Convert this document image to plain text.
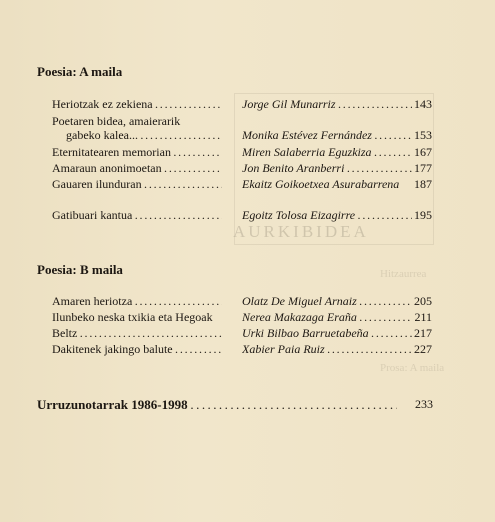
AURKIBIDEA
Hitzaurrea
Prosa: A maila
Poesia: A maila
Heriotzak ez zekiena . . .	Jorge Gil Munarriz . . .	143
Poetaren bidea, amaierarik
gabeko kalea... . . .	Monika Estévez Fernández . . .	153
Eternitatearen memorian . . .	Miren Salaberria Eguzkiza . . .	167
Amaraun anonimoetan . . .	Jon Benito Aranberri . . .	177
Gauaren ilunduran . . .	Ekaitz Goikoetxea Asurabarrena	187
Gatibuari kantua . . .	Egoitz Tolosa Eizagirre . . .	195
Poesia: B maila
Amaren heriotza . . .	Olatz De Miguel Arnaiz . . .	205
Ilunbeko neska txikia eta Hegoak	Nerea Makazaga Eraña . . .	211
Beltz . . .	Urki Bilbao Barruetabeña . . .	217
Dakitenek jakingo balute . . .	Xabier Paia Ruiz . . .	227
Urruzunotarrak 1986-1998 . . .	233
